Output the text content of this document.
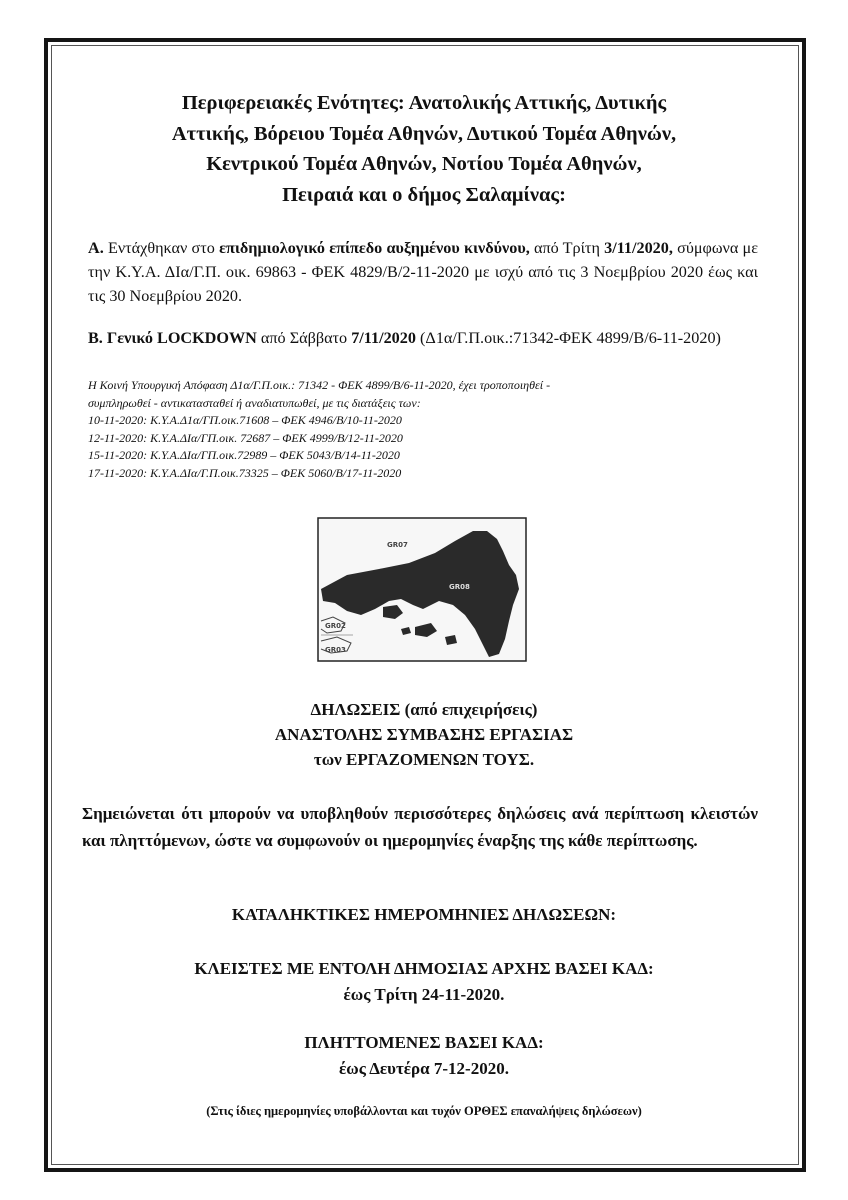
Περιφερειακές Ενότητες: Ανατολικής Αττικής, Δυτικής
Αττικής, Βόρειου Τομέα Αθηνών, Δυτικού Τομέα Αθηνών,
Κεντρικού Τομέα Αθηνών, Νοτίου Τομέα Αθηνών,
Πειραιά και ο δήμος Σαλαμίνας:

Α. Εντάχθηκαν στο επιδημιολογικό επίπεδο αυξημένου κινδύνου, από Τρίτη 3/11/2020, σύμφωνα με την Κ.Υ.Α. ΔΙα/Γ.Π. οικ. 69863 - ΦΕΚ 4829/Β/2-11-2020 με ισχύ από τις 3 Νοεμβρίου 2020 έως και τις 30 Νοεμβρίου 2020.

Β. Γενικό LOCKDOWN από Σάββατο 7/11/2020 (Δ1α/Γ.Π.οικ.:71342-ΦΕΚ 4899/Β/6-11-2020)

Η Κοινή Υπουργική Απόφαση Δ1α/Γ.Π.οικ.: 71342 - ΦΕΚ 4899/Β/6-11-2020, έχει τροποποιηθεί -
συμπληρωθεί - αντικατασταθεί ή αναδιατυπωθεί, με τις διατάξεις των:
10-11-2020: Κ.Υ.Α.Δ1α/ΓΠ.οικ.71608 – ΦΕΚ 4946/Β/10-11-2020
12-11-2020: Κ.Υ.Α.ΔΙα/ΓΠ.οικ. 72687 – ΦΕΚ 4999/Β/12-11-2020
15-11-2020: Κ.Υ.Α.ΔΙα/ΓΠ.οικ.72989 – ΦΕΚ 5043/Β/14-11-2020
17-11-2020: Κ.Υ.Α.ΔΙα/Γ.Π.οικ.73325 – ΦΕΚ 5060/Β/17-11-2020
GR07
GR08
GR02
GR03
ΔΗΛΩΣΕΙΣ (από επιχειρήσεις)
ΑΝΑΣΤΟΛΗΣ ΣΥΜΒΑΣΗΣ ΕΡΓΑΣΙΑΣ
των ΕΡΓΑΖΟΜΕΝΩΝ ΤΟΥΣ.

Σημειώνεται ότι μπορούν να υποβληθούν περισσότερες δηλώσεις ανά περίπτωση κλειστών και πληττόμενων, ώστε να συμφωνούν οι ημερομηνίες έναρξης της κάθε περίπτωσης.

ΚΑΤΑΛΗΚΤΙΚΕΣ ΗΜΕΡΟΜΗΝΙΕΣ ΔΗΛΩΣΕΩΝ:

ΚΛΕΙΣΤΕΣ ΜΕ ΕΝΤΟΛΗ ΔΗΜΟΣΙΑΣ ΑΡΧΗΣ ΒΑΣΕΙ ΚΑΔ:
έως Τρίτη 24-11-2020.
ΠΛΗΤΤΟΜΕΝΕΣ ΒΑΣΕΙ ΚΑΔ:
έως Δευτέρα 7-12-2020.

(Στις ίδιες ημερομηνίες υποβάλλονται και τυχόν ΟΡΘΕΣ επαναλήψεις δηλώσεων)
